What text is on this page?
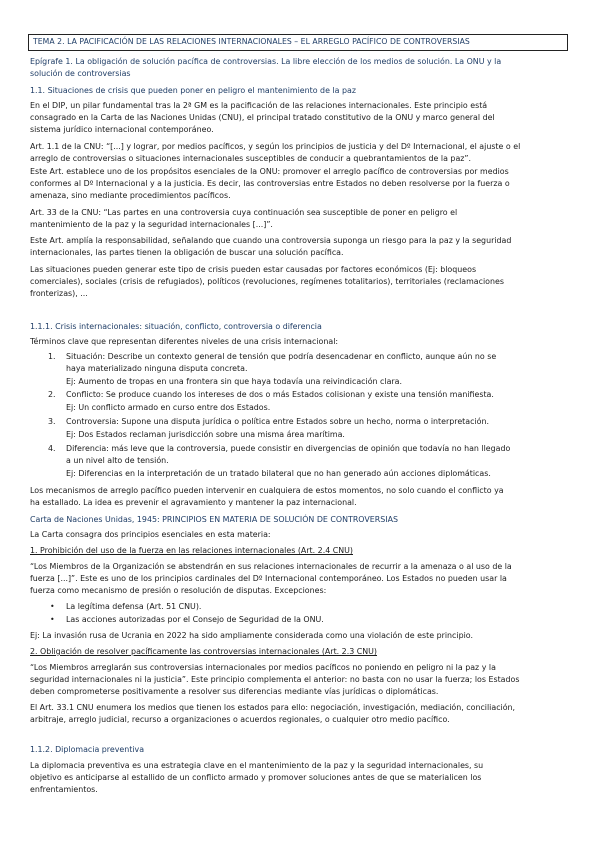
TEMA 2. LA PACIFICACIÓN DE LAS RELACIONES INTERNACIONALES – EL ARREGLO PACÍFICO DE CONTROVERSIAS
Epígrafe 1. La obligación de solución pacífica de controversias. La libre elección de los medios de solución. La ONU y la
solución de controversias
1.1. Situaciones de crisis que pueden poner en peligro el mantenimiento de la paz
En el DIP, un pilar fundamental tras la 2ª GM es la pacificación de las relaciones internacionales. Este principio está
consagrado en la Carta de las Naciones Unidas (CNU), el principal tratado constitutivo de la ONU y marco general del
sistema jurídico internacional contemporáneo.
Art. 1.1 de la CNU: “[...] y lograr, por medios pacíficos, y según los principios de justicia y del Dº Internacional, el ajuste o el
arreglo de controversias o situaciones internacionales susceptibles de conducir a quebrantamientos de la paz”.
Este Art. establece uno de los propósitos esenciales de la ONU: promover el arreglo pacífico de controversias por medios
conformes al Dº Internacional y a la justicia. Es decir, las controversias entre Estados no deben resolverse por la fuerza o
amenaza, sino mediante procedimientos pacíficos.
Art. 33 de la CNU: “Las partes en una controversia cuya continuación sea susceptible de poner en peligro el
mantenimiento de la paz y la seguridad internacionales [...]”.
Este Art. amplía la responsabilidad, señalando que cuando una controversia suponga un riesgo para la paz y la seguridad
internacionales, las partes tienen la obligación de buscar una solución pacífica.
Las situaciones pueden generar este tipo de crisis pueden estar causadas por factores económicos (Ej: bloqueos
comerciales), sociales (crisis de refugiados), políticos (revoluciones, regímenes totalitarios), territoriales (reclamaciones
fronterizas), ...
1.1.1. Crisis internacionales: situación, conflicto, controversia o diferencia
Términos clave que representan diferentes niveles de una crisis internacional:
1. Situación: Describe un contexto general de tensión que podría desencadenar en conflicto, aunque aún no se
haya materializado ninguna disputa concreta.
Ej: Aumento de tropas en una frontera sin que haya todavía una reivindicación clara.
2. Conflicto: Se produce cuando los intereses de dos o más Estados colisionan y existe una tensión manifiesta.
Ej: Un conflicto armado en curso entre dos Estados.
3. Controversia: Supone una disputa jurídica o política entre Estados sobre un hecho, norma o interpretación.
Ej: Dos Estados reclaman jurisdicción sobre una misma área marítima.
4. Diferencia: más leve que la controversia, puede consistir en divergencias de opinión que todavía no han llegado
a un nivel alto de tensión.
Ej: Diferencias en la interpretación de un tratado bilateral que no han generado aún acciones diplomáticas.
Los mecanismos de arreglo pacífico pueden intervenir en cualquiera de estos momentos, no solo cuando el conflicto ya
ha estallado. La idea es prevenir el agravamiento y mantener la paz internacional.
Carta de Naciones Unidas, 1945: PRINCIPIOS EN MATERIA DE SOLUCIÓN DE CONTROVERSIAS
La Carta consagra dos principios esenciales en esta materia:
1. Prohibición del uso de la fuerza en las relaciones internacionales (Art. 2.4 CNU)
“Los Miembros de la Organización se abstendrán en sus relaciones internacionales de recurrir a la amenaza o al uso de la
fuerza [...]”. Este es uno de los principios cardinales del Dº Internacional contemporáneo. Los Estados no pueden usar la
fuerza como mecanismo de presión o resolución de disputas. Excepciones:
• La legítima defensa (Art. 51 CNU).
• Las acciones autorizadas por el Consejo de Seguridad de la ONU.
Ej: La invasión rusa de Ucrania en 2022 ha sido ampliamente considerada como una violación de este principio.
2. Obligación de resolver pacíficamente las controversias internacionales (Art. 2.3 CNU)
“Los Miembros arreglarán sus controversias internacionales por medios pacíficos no poniendo en peligro ni la paz y la
seguridad internacionales ni la justicia”. Este principio complementa el anterior: no basta con no usar la fuerza; los Estados
deben comprometerse positivamente a resolver sus diferencias mediante vías jurídicas o diplomáticas.
El Art. 33.1 CNU enumera los medios que tienen los estados para ello: negociación, investigación, mediación, conciliación,
arbitraje, arreglo judicial, recurso a organizaciones o acuerdos regionales, o cualquier otro medio pacífico.
1.1.2. Diplomacia preventiva
La diplomacia preventiva es una estrategia clave en el mantenimiento de la paz y la seguridad internacionales, su
objetivo es anticiparse al estallido de un conflicto armado y promover soluciones antes de que se materialicen los
enfrentamientos.
